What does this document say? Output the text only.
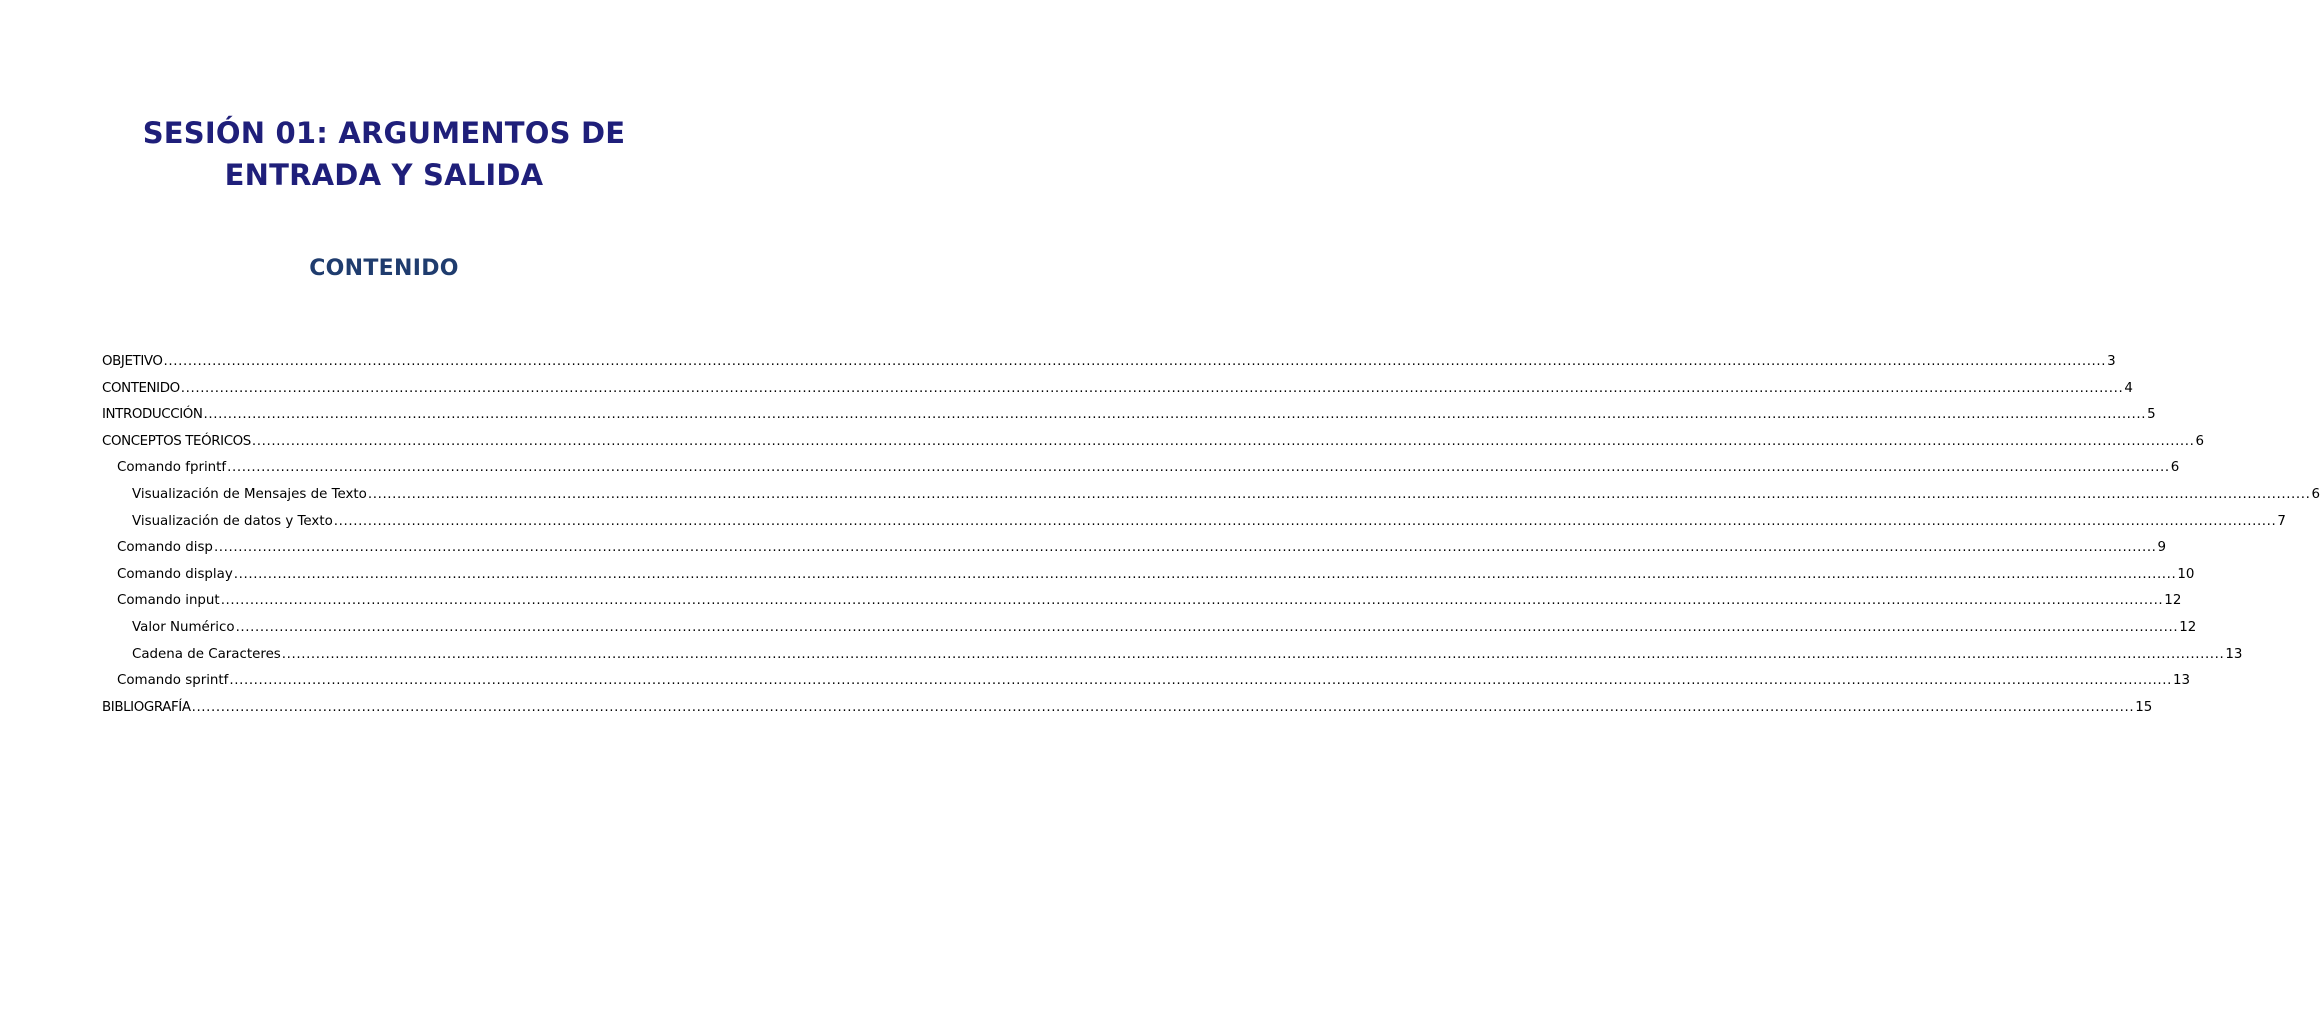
SESIÓN 01: ARGUMENTOS DE
ENTRADA Y SALIDA
CONTENIDO
OBJETIVO ................................................................................................................................................................................................................................................................................................................................................................................................................ 3
CONTENIDO ................................................................................................................................................................................................................................................................................................................................................................................................................ 4
INTRODUCCIÓN ................................................................................................................................................................................................................................................................................................................................................................................................................ 5
CONCEPTOS TEÓRICOS ................................................................................................................................................................................................................................................................................................................................................................................................................ 6
Comando fprintf ................................................................................................................................................................................................................................................................................................................................................................................................................ 6
Visualización de Mensajes de Texto ................................................................................................................................................................................................................................................................................................................................................................................................................ 6
Visualización de datos y Texto ................................................................................................................................................................................................................................................................................................................................................................................................................ 7
Comando disp ................................................................................................................................................................................................................................................................................................................................................................................................................ 9
Comando display ................................................................................................................................................................................................................................................................................................................................................................................................................ 10
Comando input ................................................................................................................................................................................................................................................................................................................................................................................................................ 12
Valor Numérico ................................................................................................................................................................................................................................................................................................................................................................................................................ 12
Cadena de Caracteres ................................................................................................................................................................................................................................................................................................................................................................................................................ 13
Comando sprintf ................................................................................................................................................................................................................................................................................................................................................................................................................ 13
BIBLIOGRAFÍA ................................................................................................................................................................................................................................................................................................................................................................................................................ 15
